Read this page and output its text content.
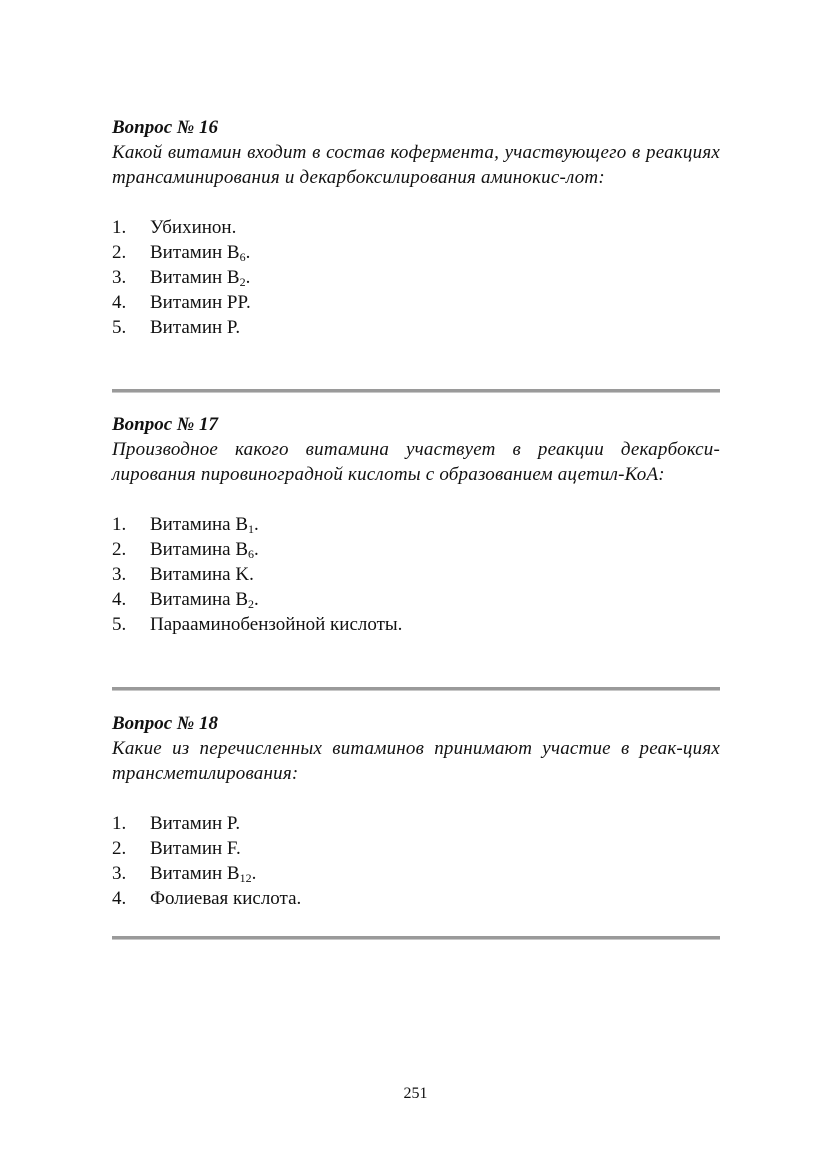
Вопрос № 16

Какой витамин входит в состав кофермента, участвующего в реакциях трансаминирования и декарбоксилирования аминокис-лот:

1. Убихинон.
2. Витамин $B_6$.
3. Витамин $B_2$.
4. Витамин PP.
5. Витамин P.

Вопрос № 17

Производное какого витамина участвует в реакции декарбокси-лирования пировиноградной кислоты с образованием ацетил-КоА:

1. Витамина $B_1$.
2. Витамина $B_6$.
3. Витамина K.
4. Витамина $B_2$.
5. Парааминобензойной кислоты.

Вопрос № 18

Какие из перечисленных витаминов принимают участие в реак-циях трансметилирования:

1. Витамин P.
2. Витамин F.
3. Витамин $B_{12}$.
4. Фолиевая кислота.
251
